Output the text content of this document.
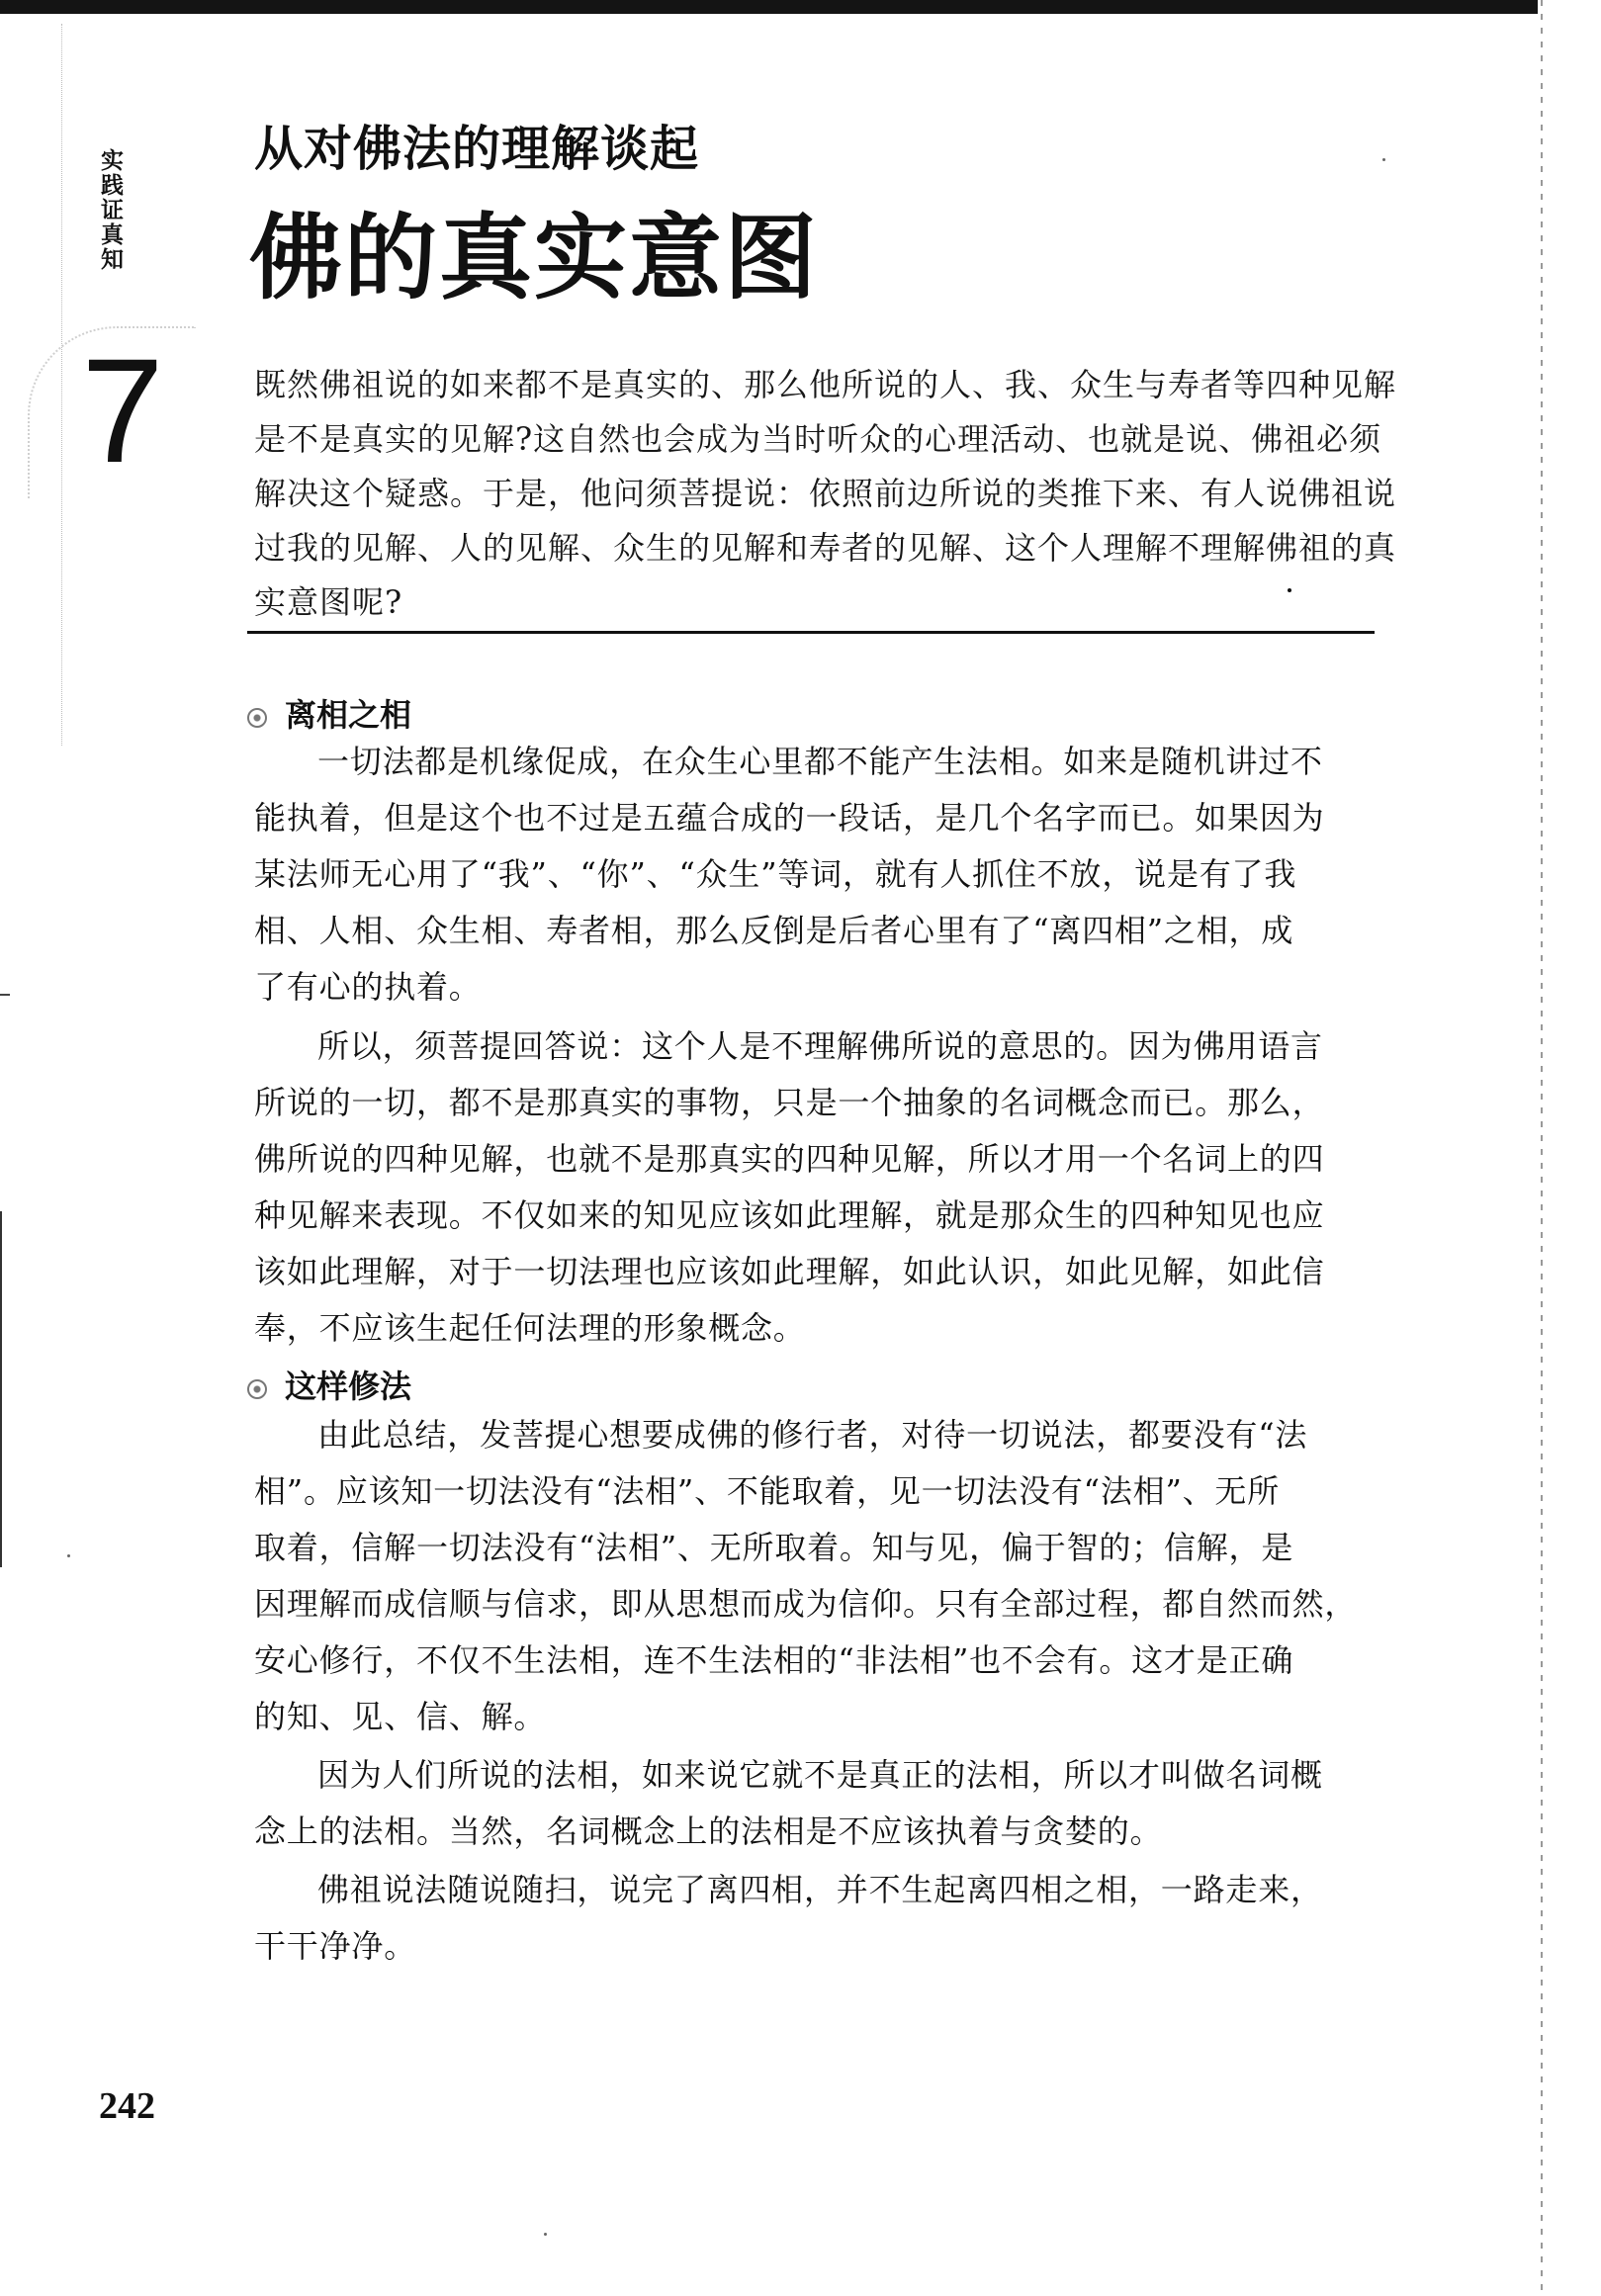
实践证真知
7
从对佛法的理解谈起
佛的真实意图
既然佛祖说的如来都不是真实的、那么他所说的人、我、众生与寿者等四种见解
是不是真实的见解?这自然也会成为当时听众的心理活动、也就是说、佛祖必须
解决这个疑惑。于是，他问须菩提说：依照前边所说的类推下来、有人说佛祖说
过我的见解、人的见解、众生的见解和寿者的见解、这个人理解不理解佛祖的真
实意图呢?
离相之相
一切法都是机缘促成，在众生心里都不能产生法相。如来是随机讲过不
能执着，但是这个也不过是五蕴合成的一段话，是几个名字而已。如果因为
某法师无心用了“我”、“你”、“众生”等词，就有人抓住不放，说是有了我
相、人相、众生相、寿者相，那么反倒是后者心里有了“离四相”之相，成
了有心的执着。
所以，须菩提回答说：这个人是不理解佛所说的意思的。因为佛用语言
所说的一切，都不是那真实的事物，只是一个抽象的名词概念而已。那么，
佛所说的四种见解，也就不是那真实的四种见解，所以才用一个名词上的四
种见解来表现。不仅如来的知见应该如此理解，就是那众生的四种知见也应
该如此理解，对于一切法理也应该如此理解，如此认识，如此见解，如此信
奉，不应该生起任何法理的形象概念。
这样修法
由此总结，发菩提心想要成佛的修行者，对待一切说法，都要没有“法
相”。应该知一切法没有“法相”、不能取着，见一切法没有“法相”、无所
取着，信解一切法没有“法相”、无所取着。知与见，偏于智的；信解，是
因理解而成信顺与信求，即从思想而成为信仰。只有全部过程，都自然而然，
安心修行，不仅不生法相，连不生法相的“非法相”也不会有。这才是正确
的知、见、信、解。
因为人们所说的法相，如来说它就不是真正的法相，所以才叫做名词概
念上的法相。当然，名词概念上的法相是不应该执着与贪婪的。
佛祖说法随说随扫，说完了离四相，并不生起离四相之相，一路走来，
干干净净。
242
